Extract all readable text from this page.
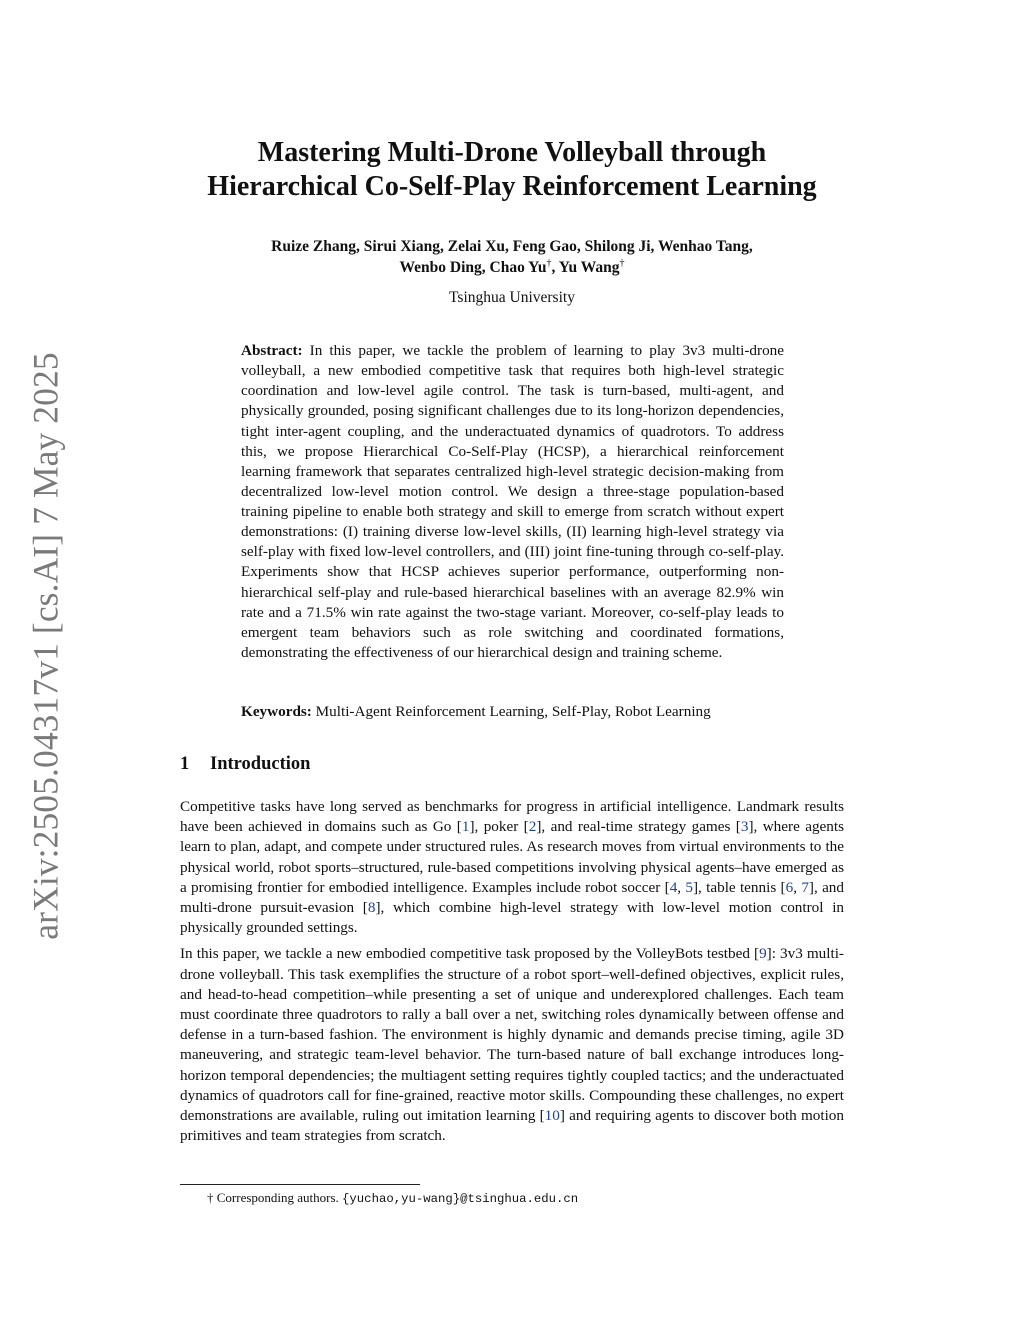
arXiv:2505.04317v1 [cs.AI] 7 May 2025
Mastering Multi-Drone Volleyball through
Hierarchical Co-Self-Play Reinforcement Learning
Ruize Zhang, Sirui Xiang, Zelai Xu, Feng Gao, Shilong Ji, Wenhao Tang,
Wenbo Ding, Chao Yu†, Yu Wang†
Tsinghua University
Abstract: In this paper, we tackle the problem of learning to play 3v3 multi-drone volleyball, a new embodied competitive task that requires both high-level strategic coordination and low-level agile control. The task is turn-based, multi-agent, and physically grounded, posing significant challenges due to its long-horizon dependencies, tight inter-agent coupling, and the underactuated dynamics of quadrotors. To address this, we propose Hierarchical Co-Self-Play (HCSP), a hierarchical reinforcement learning framework that separates centralized high-level strategic decision-making from decentralized low-level motion control. We design a three-stage population-based training pipeline to enable both strategy and skill to emerge from scratch without expert demonstrations: (I) training diverse low-level skills, (II) learning high-level strategy via self-play with fixed low-level controllers, and (III) joint fine-tuning through co-self-play. Experiments show that HCSP achieves superior performance, outperforming non-hierarchical self-play and rule-based hierarchical baselines with an average 82.9% win rate and a 71.5% win rate against the two-stage variant. Moreover, co-self-play leads to emergent team behaviors such as role switching and coordinated formations, demonstrating the effectiveness of our hierarchical design and training scheme.
Keywords: Multi-Agent Reinforcement Learning, Self-Play, Robot Learning
1 Introduction

Competitive tasks have long served as benchmarks for progress in artificial intelligence. Landmark results have been achieved in domains such as Go [1], poker [2], and real-time strategy games [3], where agents learn to plan, adapt, and compete under structured rules. As research moves from virtual environments to the physical world, robot sports–structured, rule-based competitions involving physical agents–have emerged as a promising frontier for embodied intelligence. Examples include robot soccer [4, 5], table tennis [6, 7], and multi-drone pursuit-evasion [8], which combine high-level strategy with low-level motion control in physically grounded settings.

In this paper, we tackle a new embodied competitive task proposed by the VolleyBots testbed [9]: 3v3 multi-drone volleyball. This task exemplifies the structure of a robot sport–well-defined objectives, explicit rules, and head-to-head competition–while presenting a set of unique and underexplored challenges. Each team must coordinate three quadrotors to rally a ball over a net, switching roles dynamically between offense and defense in a turn-based fashion. The environment is highly dynamic and demands precise timing, agile 3D maneuvering, and strategic team-level behavior. The turn-based nature of ball exchange introduces long-horizon temporal dependencies; the multiagent setting requires tightly coupled tactics; and the underactuated dynamics of quadrotors call for fine-grained, reactive motor skills. Compounding these challenges, no expert demonstrations are available, ruling out imitation learning [10] and requiring agents to discover both motion primitives and team strategies from scratch.

† Corresponding authors. {yuchao,yu-wang}@tsinghua.edu.cn
